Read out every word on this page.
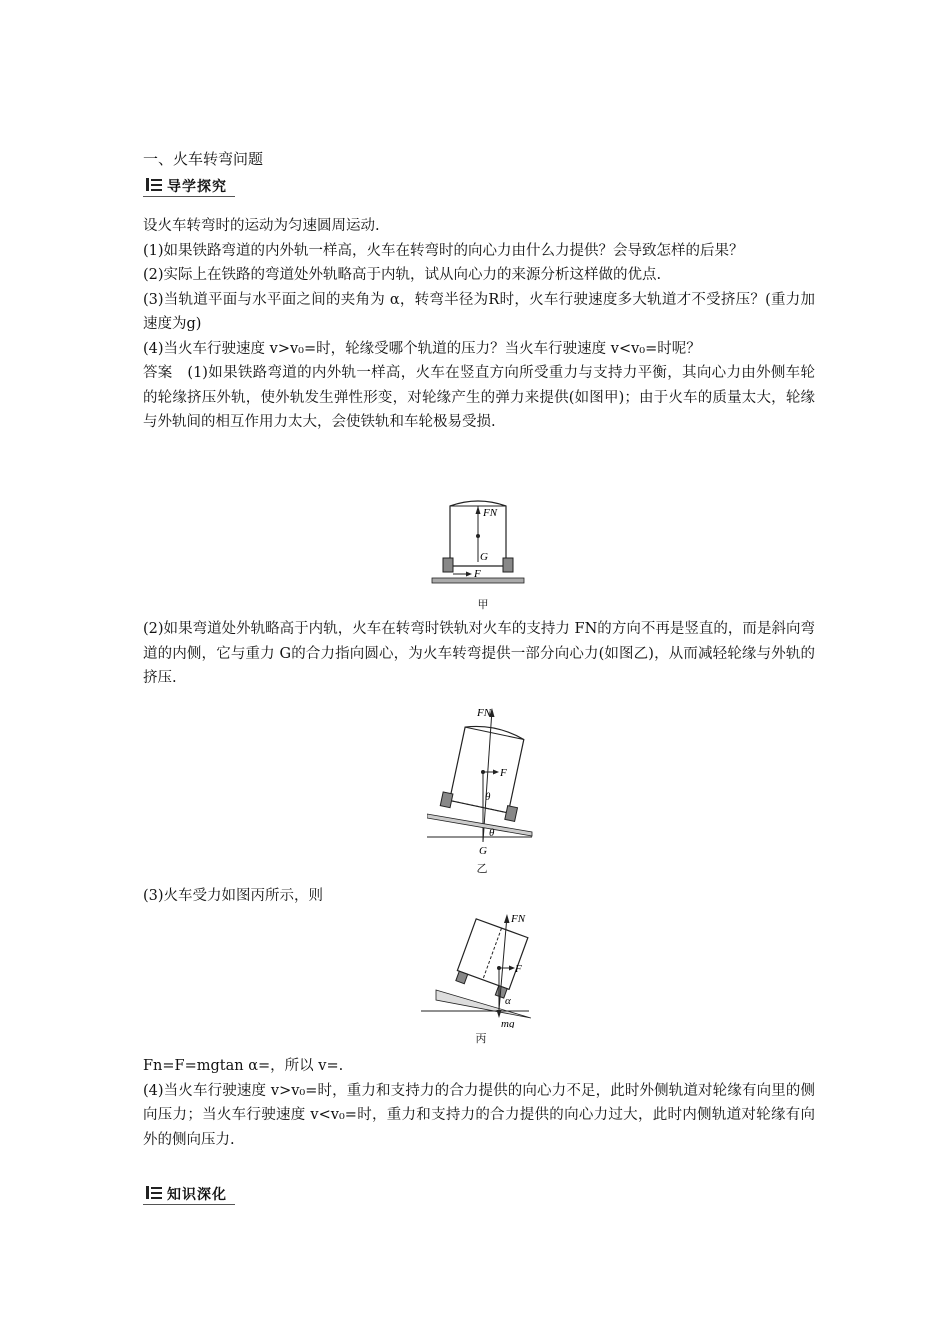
一、火车转弯问题
导学探究

设火车转弯时的运动为匀速圆周运动.

(1)如果铁路弯道的内外轨一样高，火车在转弯时的向心力由什么力提供？会导致怎样的后果？

(2)实际上在铁路的弯道处外轨略高于内轨，试从向心力的来源分析这样做的优点.

(3)当轨道平面与水平面之间的夹角为 α，转弯半径为R时，火车行驶速度多大轨道才不受挤压？(重力加速度为g)

(4)当火车行驶速度 v>v₀=时，轮缘受哪个轨道的压力？当火车行驶速度 v<v₀=时呢？

答案　(1)如果铁路弯道的内外轨一样高，火车在竖直方向所受重力与支持力平衡，其向心力由外侧车轮的轮缘挤压外轨，使外轨发生弹性形变，对轮缘产生的弹力来提供(如图甲)；由于火车的质量太大，轮缘与外轨间的相互作用力太大，会使铁轨和车轮极易受损.

FN
G
F
甲

(2)如果弯道处外轨略高于内轨，火车在转弯时铁轨对火车的支持力 FN的方向不再是竖直的，而是斜向弯道的内侧，它与重力 G的合力指向圆心，为火车转弯提供一部分向心力(如图乙)，从而减轻轮缘与外轨的挤压.

FN
F
θ
θ
G
乙

(3)火车受力如图丙所示，则

FN
F
α
mg
丙

Fn=F=mgtan α=，所以 v=.

(4)当火车行驶速度 v>v₀=时，重力和支持力的合力提供的向心力不足，此时外侧轨道对轮缘有向里的侧向压力；当火车行驶速度 v<v₀=时，重力和支持力的合力提供的向心力过大，此时内侧轨道对轮缘有向外的侧向压力.

知识深化
